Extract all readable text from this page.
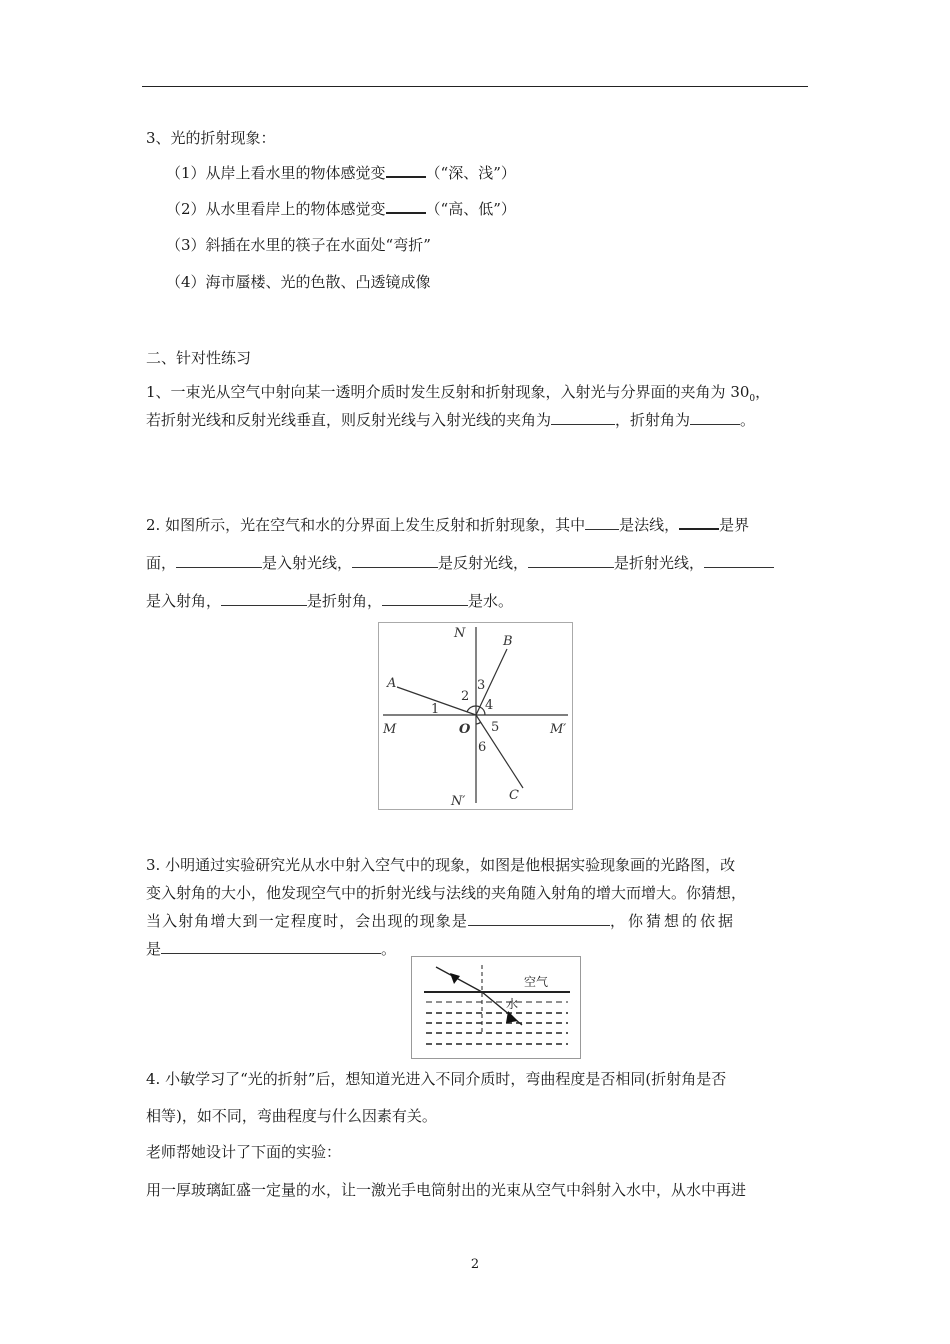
3、光的折射现象：
（1）从岸上看水里的物体感觉变	（“深、浅”）
（2）从水里看岸上的物体感觉变	（“高、低”）
（3）斜插在水里的筷子在水面处“弯折”
（4）海市蜃楼、光的色散、凸透镜成像
二、针对性练习
1、一束光从空气中射向某一透明介质时发生反射和折射现象，入射光与分界面的夹角为 $30_0$，
若折射光线和反射光线垂直，则反射光线与入射光线的夹角为	，折射角为	。
2. 如图所示，光在空气和水的分界面上发生反射和折射现象，其中 是法线，	是界
面，	是入射光线，	是反射光线，	是折射光线，
是入射角，	是折射角，	是水。
N
B
A
1
2
3
4
5
6
M	O	M′
N′	C
3. 小明通过实验研究光从水中射入空气中的现象，如图是他根据实验现象画的光路图，改
变入射角的大小，他发现空气中的折射光线与法线的夹角随入射角的增大而增大。你猜想，
当入射角增大到一定程度时，会出现的现象是	，你猜想的依据
是	。
空气
水
4. 小敏学习了“光的折射”后，想知道光进入不同介质时，弯曲程度是否相同(折射角是否
相等)，如不同，弯曲程度与什么因素有关。
老师帮她设计了下面的实验：
用一厚玻璃缸盛一定量的水，让一激光手电筒射出的光束从空气中斜射入水中，从水中再进
2
